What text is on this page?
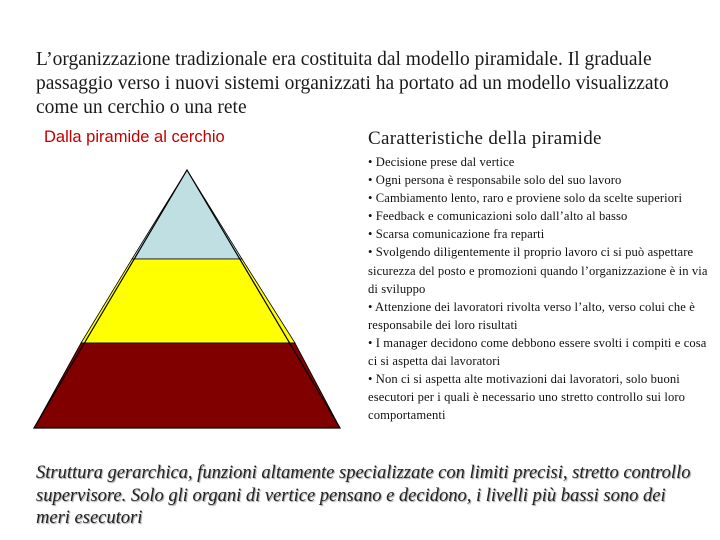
L’organizzazione tradizionale era costituita dal modello piramidale. Il graduale passaggio verso i nuovi sistemi organizzati ha portato ad un modello visualizzato come un cerchio o una rete
Dalla piramide al cerchio	Caratteristiche della piramide
• Decisione prese dal vertice
• Ogni persona è responsabile solo del suo lavoro
• Cambiamento lento, raro e proviene solo da scelte superiori
• Feedback e comunicazioni solo dall’alto al basso
• Scarsa comunicazione fra reparti
• Svolgendo diligentemente il proprio lavoro ci si può aspettare sicurezza del posto e promozioni quando l’organizzazione è in via di sviluppo
• Attenzione dei lavoratori rivolta verso l’alto, verso colui che è responsabile dei loro risultati
• I manager decidono come debbono essere svolti i compiti e cosa ci si aspetta dai lavoratori
• Non ci si aspetta alte motivazioni dai lavoratori, solo buoni esecutori per i quali è necessario uno stretto controllo sui loro comportamenti
Struttura gerarchica, funzioni altamente specializzate con limiti precisi, stretto controllo supervisore. Solo gli organi di vertice pensano e decidono, i livelli più bassi sono dei meri esecutori
